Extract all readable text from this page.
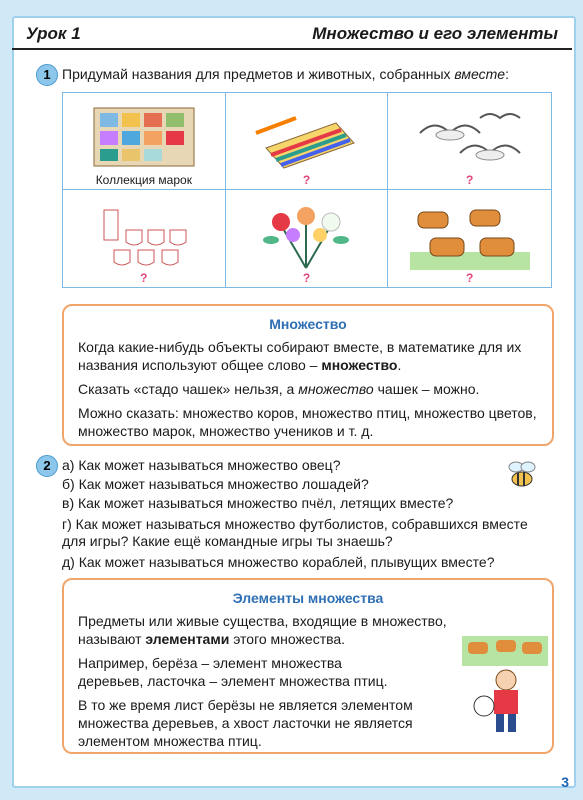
Урок 1	Множество и его элементы
1 Придумай названия для предметов и животных, собранных вместе:
Коллекция марок	?	?
?	?	?
Множество

Когда какие-нибудь объекты собирают вместе, в математике для их названия используют общее слово – множество.

Сказать «стадо чашек» нельзя, а множество чашек – можно.

Можно сказать: множество коров, множество птиц, множество цветов, множество марок, множество учеников и т. д.

2 а) Как может называться множество овец?
б) Как может называться множество лошадей?
в) Как может называться множество пчёл, летящих вместе?
г) Как может называться множество футболистов, собравшихся вместе для игры? Какие ещё командные игры ты знаешь?
д) Как может называться множество кораблей, плывущих вместе?
Элементы множества

Предметы или живые существа, входящие в множество, называют элементами этого множества.

Например, берёза – элемент множества деревьев, ласточка – элемент множества птиц.

В то же время лист берёзы не является элементом множества деревьев, а хвост ласточки не является элементом множества птиц.

3
